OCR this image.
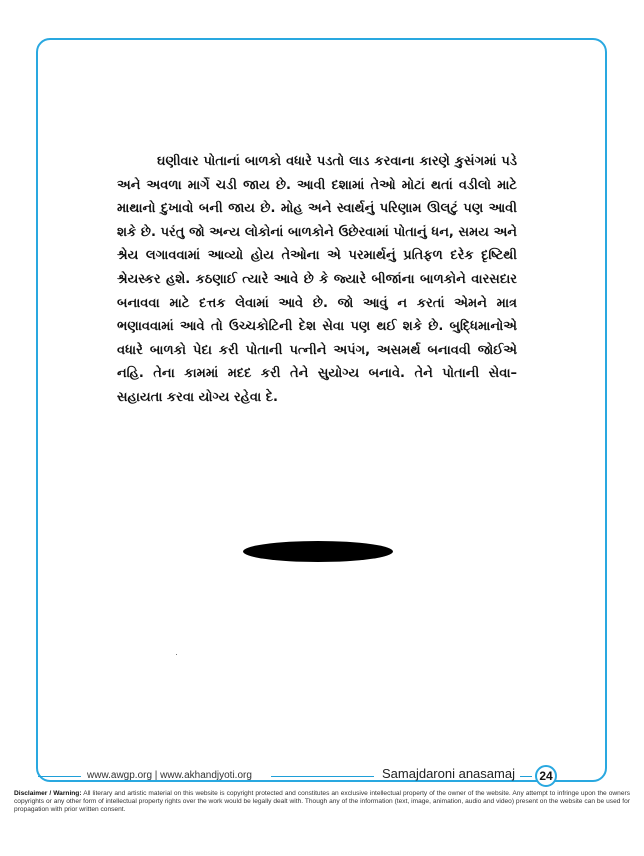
ઘણીવાર પોતાનાં બાળકો વધારે પડતો લાડ કરવાના કારણે કુસંગમાં પડે અને અવળા માર્ગે ચડી જાય છે. આવી દશામાં તેઓ મોટાં થતાં વડીલો માટે માથાનો દુખાવો બની જાય છે. મોહ અને સ્વાર્થનું પરિણામ ઊલટું પણ આવી શકે છે. પરંતુ જો અન્ય લોકોનાં બાળકોને ઉછેરવામાં પોતાનું ધન, સમય અને શ્રેય લગાવવામાં આવ્યો હોય તેઓના એ પરમાર્થનું પ્રતિફળ દરેક દૃષ્ટિથી શ્રેયસ્કર હશે. કઠણાઈ ત્યારે આવે છે કે જ્યારે બીજાંના બાળકોને વારસદાર બનાવવા માટે દત્તક લેવામાં આવે છે. જો આવું ન કરતાં એમને માત્ર ભણાવવામાં આવે તો ઉચ્ચકોટિની દેશ સેવા પણ થઈ શકે છે. બુદ્ધિમાનોએ વધારે બાળકો પેદા કરી પોતાની પત્નીને અપંગ, અસમર્થ બનાવવી જોઈએ નહિ. તેના કામમાં મદદ કરી તેને સુયોગ્ય બનાવે. તેને પોતાની સેવા– સહાયતા કરવા યોગ્ય રહેવા દે.

www.awgp.org | www.akhandjyoti.org	Samajdaroni anasamaj	24

Disclaimer / Warning: All literary and artistic material on this website is copyright protected and constitutes an exclusive intellectual property of the owner of the website. Any attempt to infringe upon the owners copyrights or any other form of intellectual property rights over the work would be legally dealt with. Though any of the information (text, image, animation, audio and video) present on the website can be used for propagation with prior written consent.
